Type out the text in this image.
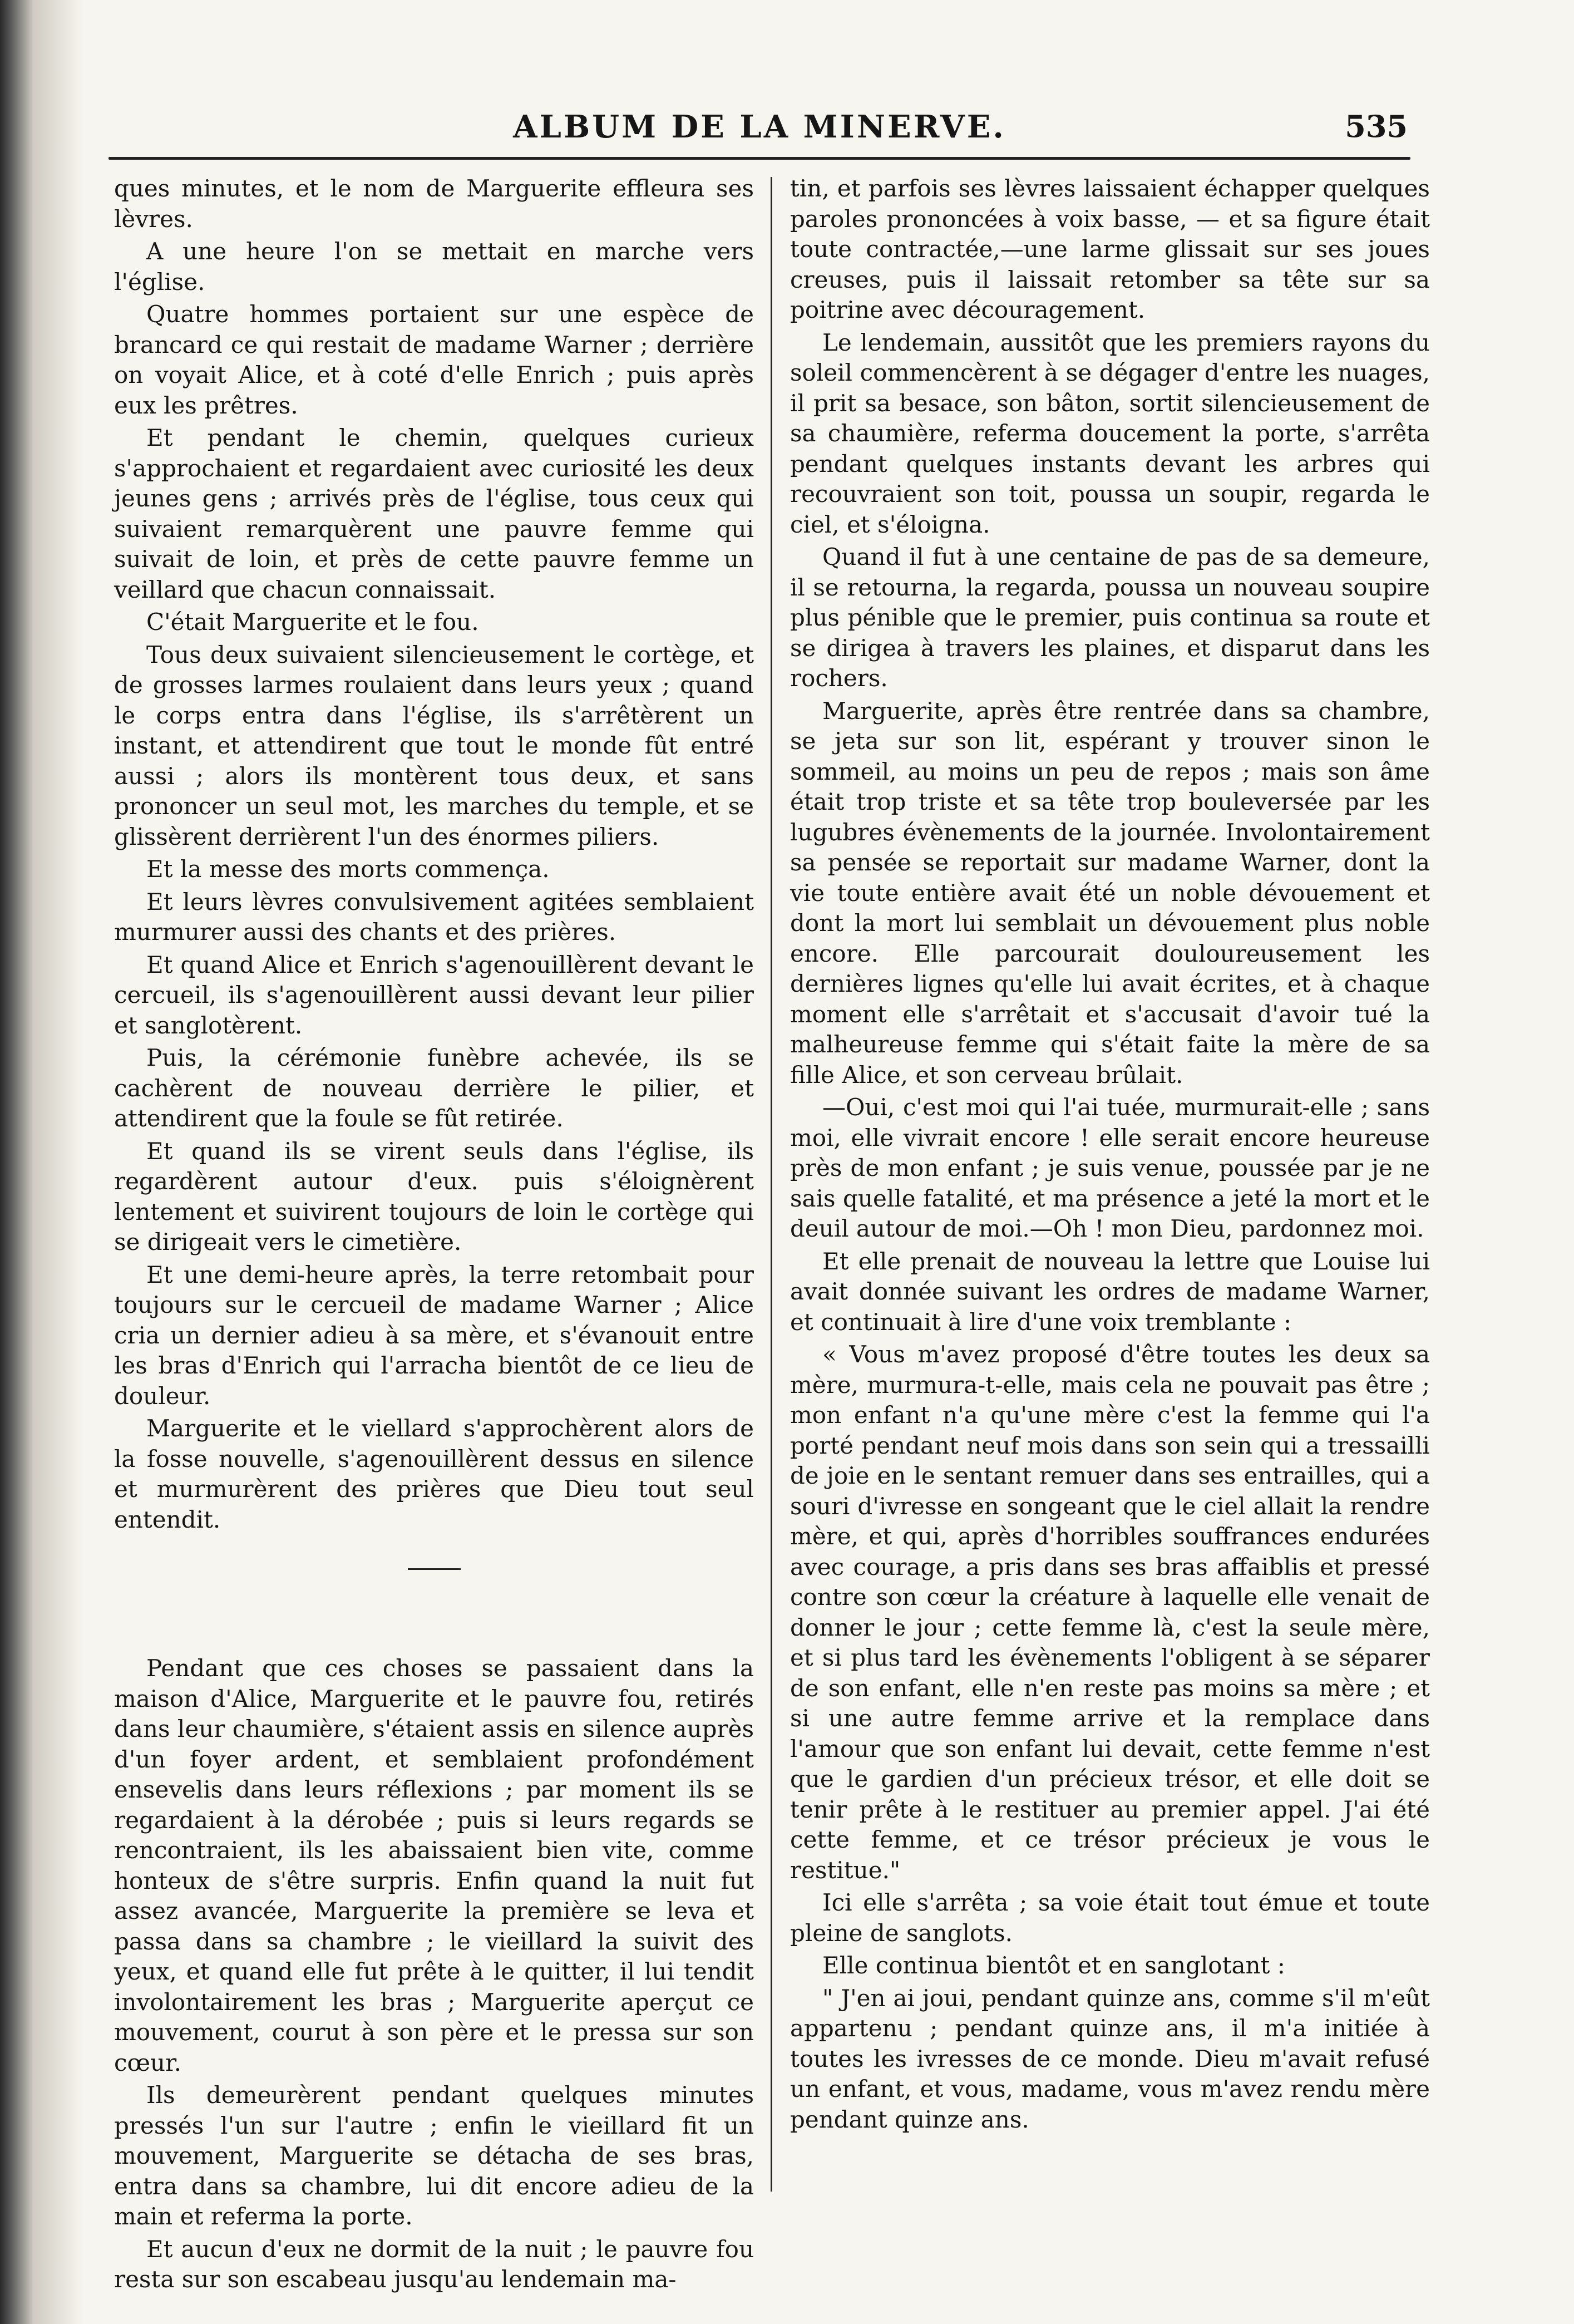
ALBUM DE LA MINERVE.	535

ques minutes, et le nom de Marguerite effleura ses lèvres.

A une heure l'on se mettait en marche vers l'église.

Quatre hommes portaient sur une espèce de brancard ce qui restait de madame Warner ; derrière on voyait Alice, et à coté d'elle Enrich ; puis après eux les prêtres.

Et pendant le chemin, quelques curieux s'approchaient et regardaient avec curiosité les deux jeunes gens ; arrivés près de l'église, tous ceux qui suivaient remarquèrent une pauvre femme qui suivait de loin, et près de cette pauvre femme un veillard que chacun connaissait.

C'était Marguerite et le fou.

Tous deux suivaient silencieusement le cortège, et de grosses larmes roulaient dans leurs yeux ; quand le corps entra dans l'église, ils s'arrêtèrent un instant, et attendirent que tout le monde fût entré aussi ; alors ils montèrent tous deux, et sans prononcer un seul mot, les marches du temple, et se glissèrent derrièrent l'un des énormes piliers.

Et la messe des morts commença.

Et leurs lèvres convulsivement agitées semblaient murmurer aussi des chants et des prières.

Et quand Alice et Enrich s'agenouillèrent devant le cercueil, ils s'agenouillèrent aussi devant leur pilier et sanglotèrent.

Puis, la cérémonie funèbre achevée, ils se cachèrent de nouveau derrière le pilier, et attendirent que la foule se fût retirée.

Et quand ils se virent seuls dans l'église, ils regardèrent autour d'eux. puis s'éloignèrent lentement et suivirent toujours de loin le cortège qui se dirigeait vers le cimetière.

Et une demi-heure après, la terre retombait pour toujours sur le cercueil de madame Warner ; Alice cria un dernier adieu à sa mère, et s'évanouit entre les bras d'Enrich qui l'arracha bientôt de ce lieu de douleur.

Marguerite et le viellard s'approchèrent alors de la fosse nouvelle, s'agenouillèrent dessus en silence et murmurèrent des prières que Dieu tout seul entendit.

Pendant que ces choses se passaient dans la maison d'Alice, Marguerite et le pauvre fou, retirés dans leur chaumière, s'étaient assis en silence auprès d'un foyer ardent, et semblaient profondément ensevelis dans leurs réflexions ; par moment ils se regardaient à la dérobée ; puis si leurs regards se rencontraient, ils les abaissaient bien vite, comme honteux de s'être surpris. Enfin quand la nuit fut assez avancée, Marguerite la première se leva et passa dans sa chambre ; le vieillard la suivit des yeux, et quand elle fut prête à le quitter, il lui tendit involontairement les bras ; Marguerite aperçut ce mouvement, courut à son père et le pressa sur son cœur.

Ils demeurèrent pendant quelques minutes pressés l'un sur l'autre ; enfin le vieillard fit un mouvement, Marguerite se détacha de ses bras, entra dans sa chambre, lui dit encore adieu de la main et referma la porte.

Et aucun d'eux ne dormit de la nuit ; le pauvre fou resta sur son escabeau jusqu'au lendemain ma-

tin, et parfois ses lèvres laissaient échapper quelques paroles prononcées à voix basse, — et sa figure était toute contractée,—une larme glissait sur ses joues creuses, puis il laissait retomber sa tête sur sa poitrine avec découragement.

Le lendemain, aussitôt que les premiers rayons du soleil commencèrent à se dégager d'entre les nuages, il prit sa besace, son bâton, sortit silencieusement de sa chaumière, referma doucement la porte, s'arrêta pendant quelques instants devant les arbres qui recouvraient son toit, poussa un soupir, regarda le ciel, et s'éloigna.

Quand il fut à une centaine de pas de sa demeure, il se retourna, la regarda, poussa un nouveau soupire plus pénible que le premier, puis continua sa route et se dirigea à travers les plaines, et disparut dans les rochers.

Marguerite, après être rentrée dans sa chambre, se jeta sur son lit, espérant y trouver sinon le sommeil, au moins un peu de repos ; mais son âme était trop triste et sa tête trop bouleversée par les lugubres évènements de la journée. Involontairement sa pensée se reportait sur madame Warner, dont la vie toute entière avait été un noble dévouement et dont la mort lui semblait un dévouement plus noble encore. Elle parcourait douloureusement les dernières lignes qu'elle lui avait écrites, et à chaque moment elle s'arrêtait et s'accusait d'avoir tué la malheureuse femme qui s'était faite la mère de sa fille Alice, et son cerveau brûlait.

—Oui, c'est moi qui l'ai tuée, murmurait-elle ; sans moi, elle vivrait encore ! elle serait encore heureuse près de mon enfant ; je suis venue, poussée par je ne sais quelle fatalité, et ma présence a jeté la mort et le deuil autour de moi.—Oh ! mon Dieu, pardonnez moi.

Et elle prenait de nouveau la lettre que Louise lui avait donnée suivant les ordres de madame Warner, et continuait à lire d'une voix tremblante :

« Vous m'avez proposé d'être toutes les deux sa mère, murmura-t-elle, mais cela ne pouvait pas être ; mon enfant n'a qu'une mère c'est la femme qui l'a porté pendant neuf mois dans son sein qui a tressailli de joie en le sentant remuer dans ses entrailles, qui a souri d'ivresse en songeant que le ciel allait la rendre mère, et qui, après d'horribles souffrances endurées avec courage, a pris dans ses bras affaiblis et pressé contre son cœur la créature à laquelle elle venait de donner le jour ; cette femme là, c'est la seule mère, et si plus tard les évènements l'obligent à se séparer de son enfant, elle n'en reste pas moins sa mère ; et si une autre femme arrive et la remplace dans l'amour que son enfant lui devait, cette femme n'est que le gardien d'un précieux trésor, et elle doit se tenir prête à le restituer au premier appel. J'ai été cette femme, et ce trésor précieux je vous le restitue."

Ici elle s'arrêta ; sa voie était tout émue et toute pleine de sanglots.

Elle continua bientôt et en sanglotant :

" J'en ai joui, pendant quinze ans, comme s'il m'eût appartenu ; pendant quinze ans, il m'a initiée à toutes les ivresses de ce monde. Dieu m'avait refusé un enfant, et vous, madame, vous m'avez rendu mère pendant quinze ans.
